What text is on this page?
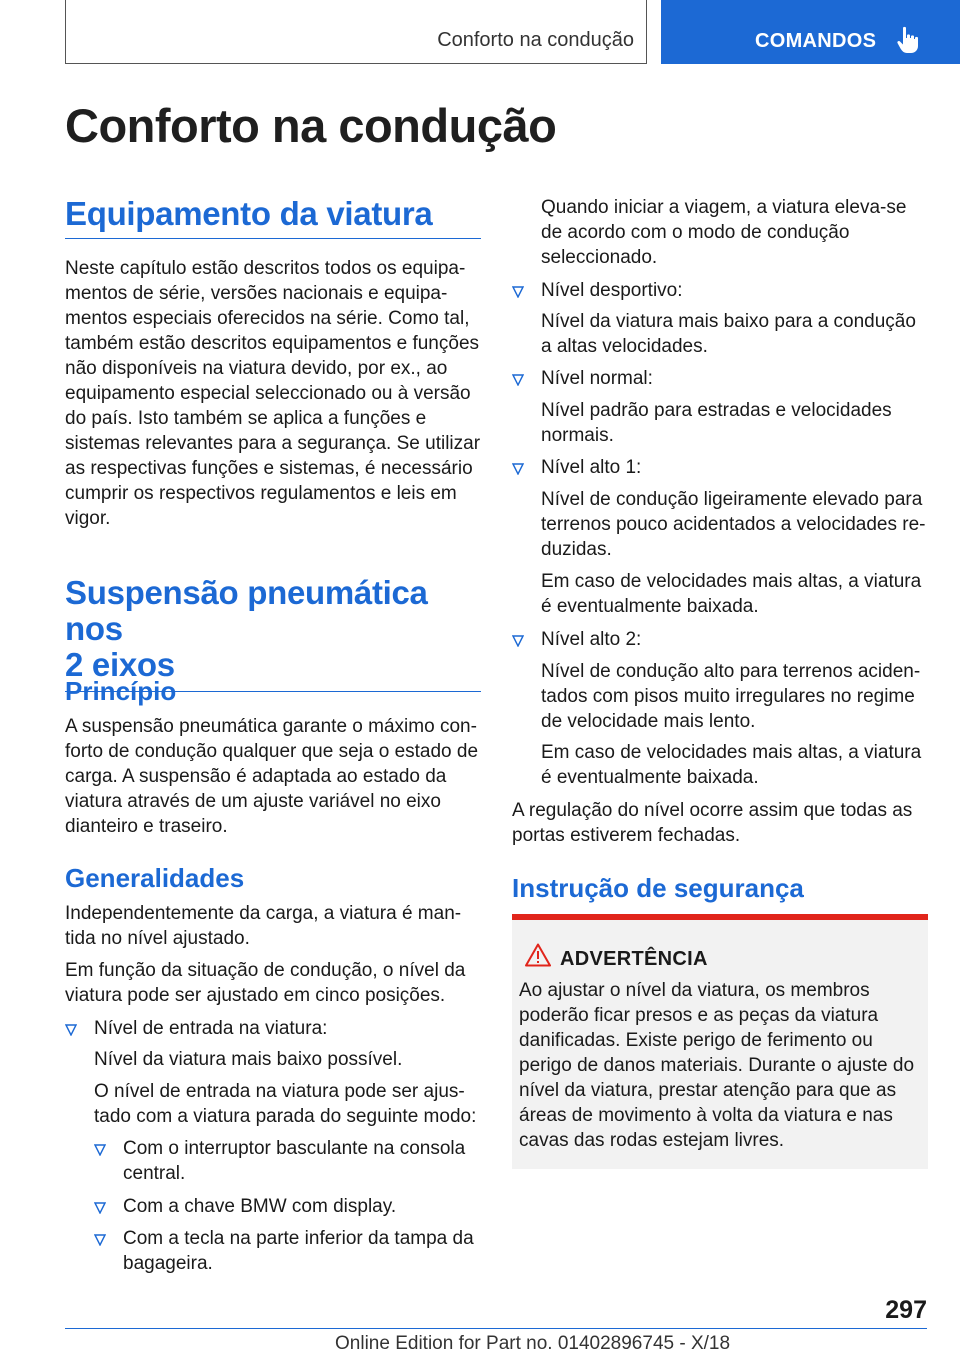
Conforto na condução	COMANDOS
Conforto na condução
Equipamento da viatura

Neste capítulo estão descritos todos os equipamentos de série, versões nacionais e equipamentos especiais oferecidos na série. Como tal, também estão descritos equipamentos e funções não disponíveis na viatura devido, por ex., ao equipamento especial seleccionado ou à versão do país. Isto também se aplica a funções e sistemas relevantes para a segurança. Se utilizar as respectivas funções e sistemas, é necessário cumprir os respectivos regulamentos e leis em vigor.

Suspensão pneumática nos
2 eixos
Princípio

A suspensão pneumática garante o máximo conforto de condução qualquer que seja o estado de carga. A suspensão é adaptada ao estado da viatura através de um ajuste variável no eixo dianteiro e traseiro.

Generalidades

Independentemente da carga, a viatura é mantida no nível ajustado.

Em função da situação de condução, o nível da viatura pode ser ajustado em cinco posições.

Nível de entrada na viatura:

Nível da viatura mais baixo possível.

O nível de entrada na viatura pode ser ajustado com a viatura parada do seguinte modo:

Com o interruptor basculante na consola central.

Com a chave BMW com display.

Com a tecla na parte inferior da tampa da bagageira.

Quando iniciar a viagem, a viatura eleva-se de acordo com o modo de condução seleccionado.

Nível desportivo:

Nível da viatura mais baixo para a condução a altas velocidades.

Nível normal:

Nível padrão para estradas e velocidades normais.

Nível alto 1:

Nível de condução ligeiramente elevado para terrenos pouco acidentados a velocidades reduzidas.

Em caso de velocidades mais altas, a viatura é eventualmente baixada.

Nível alto 2:

Nível de condução alto para terrenos acidentados com pisos muito irregulares no regime de velocidade mais lento.

Em caso de velocidades mais altas, a viatura é eventualmente baixada.

A regulação do nível ocorre assim que todas as portas estiverem fechadas.

Instrução de segurança
ADVERTÊNCIA

Ao ajustar o nível da viatura, os membros poderão ficar presos e as peças da viatura danificadas. Existe perigo de ferimento ou perigo de danos materiais. Durante o ajuste do nível da viatura, prestar atenção para que as áreas de movimento à volta da viatura e nas cavas das rodas estejam livres.

297
Online Edition for Part no. 01402896745 - X/18
